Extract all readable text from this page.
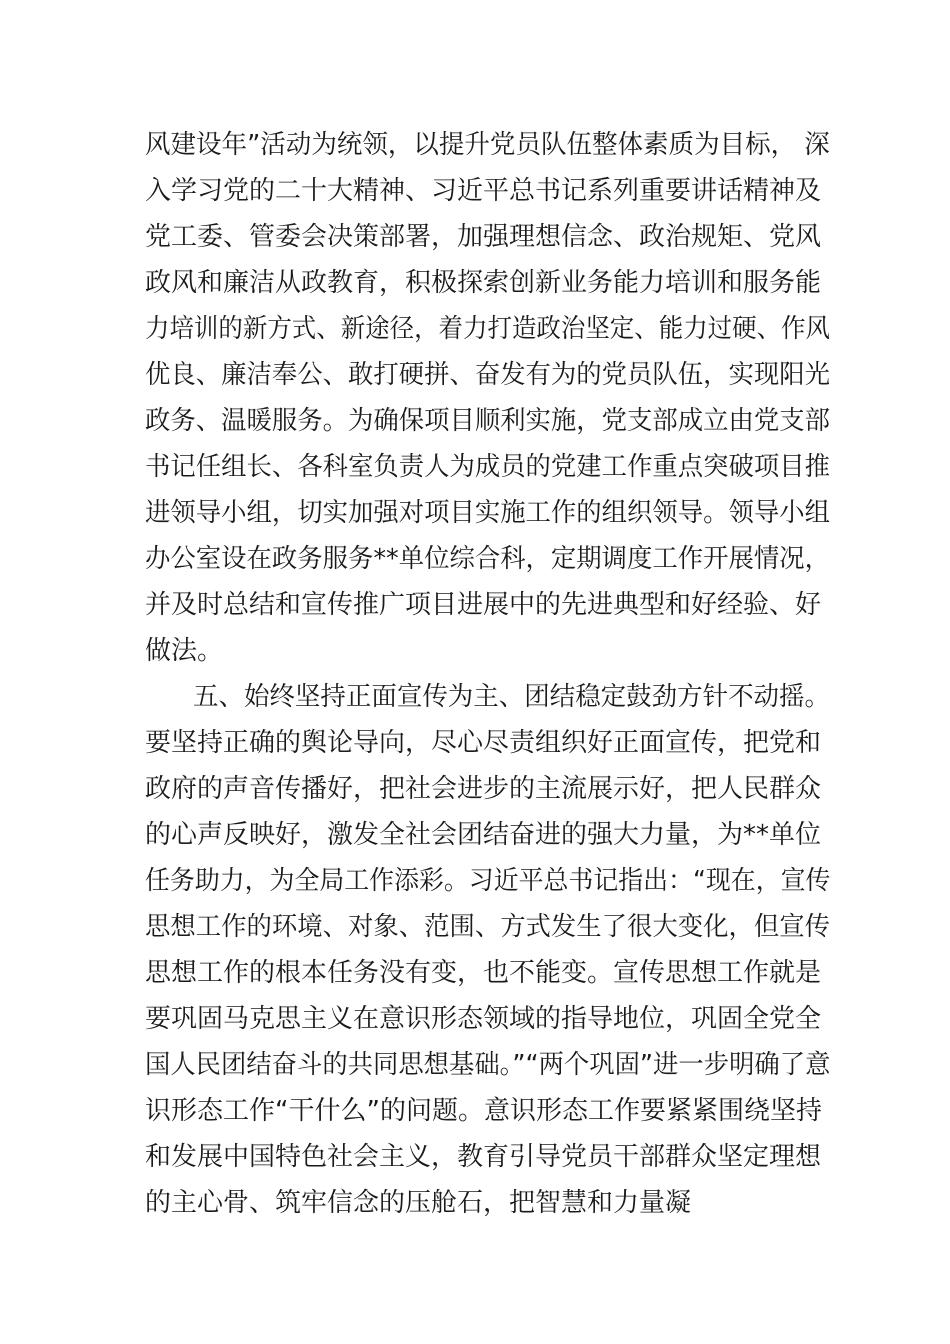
风建设年”活动为统领，以提升党员队伍整体素质为目标， 深
入学习党的二十大精神、习近平总书记系列重要讲话精神及
党工委、管委会决策部署，加强理想信念、政治规矩、党风
政风和廉洁从政教育，积极探索创新业务能力培训和服务能
力培训的新方式、新途径，着力打造政治坚定、能力过硬、作风
优良、廉洁奉公、敢打硬拼、奋发有为的党员队伍，实现阳光
政务、温暖服务。为确保项目顺利实施，党支部成立由党支部
书记任组长、各科室负责人为成员的党建工作重点突破项目推
进领导小组，切实加强对项目实施工作的组织领导。领导小组
办公室设在政务服务**单位综合科，定期调度工作开展情况，
并及时总结和宣传推广项目进展中的先进典型和好经验、好
做法。
五、始终坚持正面宣传为主、团结稳定鼓劲方针不动摇。
要坚持正确的舆论导向，尽心尽责组织好正面宣传，把党和
政府的声音传播好，把社会进步的主流展示好，把人民群众
的心声反映好，激发全社会团结奋进的强大力量，为**单位
任务助力，为全局工作添彩。习近平总书记指出：“现在，宣传
思想工作的环境、对象、范围、方式发生了很大变化，但宣传
思想工作的根本任务没有变，也不能变。宣传思想工作就是
要巩固马克思主义在意识形态领域的指导地位，巩固全党全
国人民团结奋斗的共同思想基础。”“两个巩固”进一步明确了意
识形态工作“干什么”的问题。意识形态工作要紧紧围绕坚持
和发展中国特色社会主义，教育引导党员干部群众坚定理想
的主心骨、筑牢信念的压舱石，把智慧和力量凝
